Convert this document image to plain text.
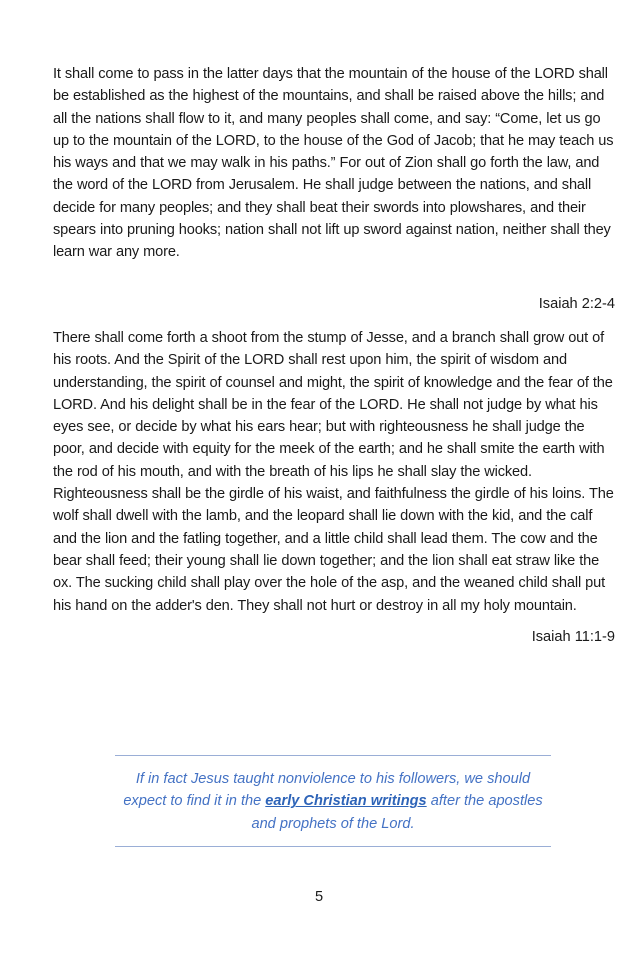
It shall come to pass in the latter days that the mountain of the house of the LORD shall be established as the highest of the mountains, and shall be raised above the hills; and all the nations shall flow to it, and many peoples shall come, and say: “Come, let us go up to the mountain of the LORD, to the house of the God of Jacob; that he may teach us his ways and that we may walk in his paths.” For out of Zion shall go forth the law, and the word of the LORD from Jerusalem. He shall judge between the nations, and shall decide for many peoples; and they shall beat their swords into plowshares, and their spears into pruning hooks; nation shall not lift up sword against nation, neither shall they learn war any more.

Isaiah 2:2-4

There shall come forth a shoot from the stump of Jesse, and a branch shall grow out of his roots. And the Spirit of the LORD shall rest upon him, the spirit of wisdom and understanding, the spirit of counsel and might, the spirit of knowledge and the fear of the LORD. And his delight shall be in the fear of the LORD. He shall not judge by what his eyes see, or decide by what his ears hear; but with righteousness he shall judge the poor, and decide with equity for the meek of the earth; and he shall smite the earth with the rod of his mouth, and with the breath of his lips he shall slay the wicked. Righteousness shall be the girdle of his waist, and faithfulness the girdle of his loins. The wolf shall dwell with the lamb, and the leopard shall lie down with the kid, and the calf and the lion and the fatling together, and a little child shall lead them. The cow and the bear shall feed; their young shall lie down together; and the lion shall eat straw like the ox. The sucking child shall play over the hole of the asp, and the weaned child shall put his hand on the adder's den. They shall not hurt or destroy in all my holy mountain.

Isaiah 11:1-9

If in fact Jesus taught nonviolence to his followers, we should expect to find it in the early Christian writings after the apostles and prophets of the Lord.

5
